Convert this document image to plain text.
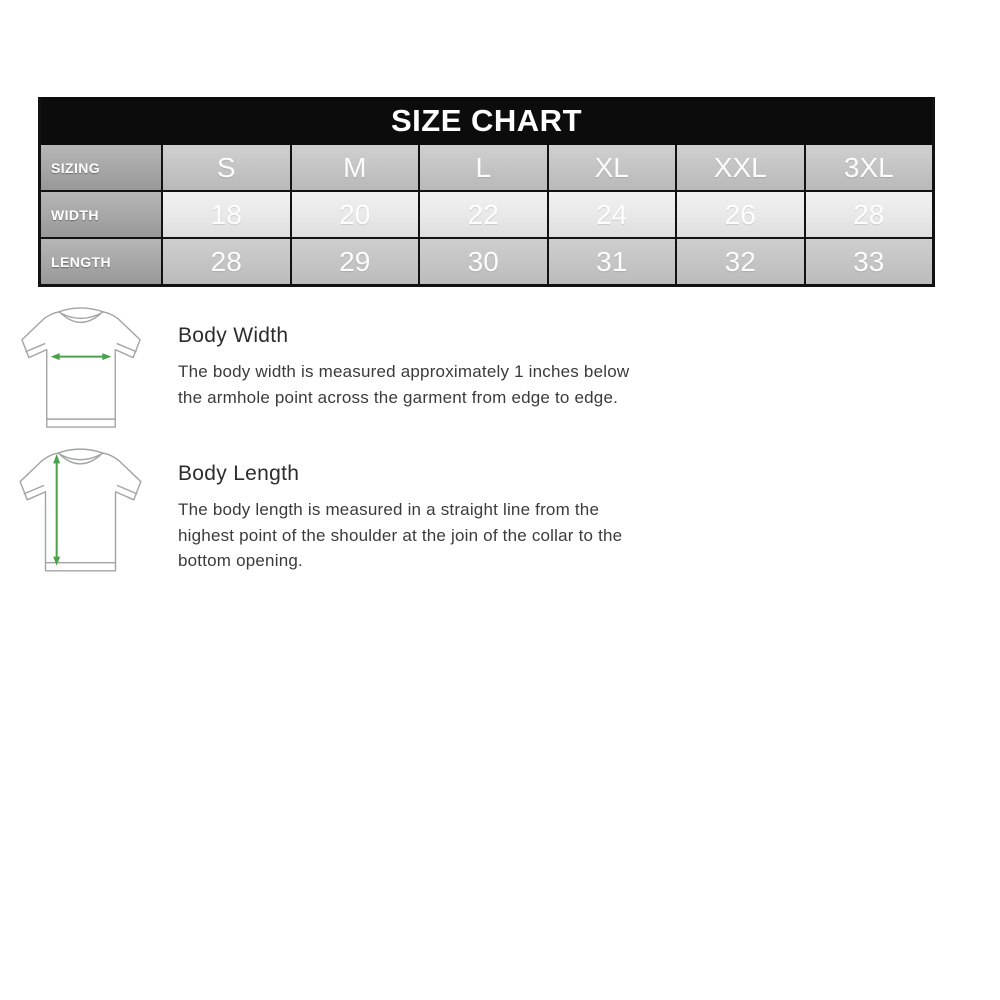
SIZE CHART
SIZING	S	M	L	XL	XXL	3XL
WIDTH	18	20	22	24	26	28
LENGTH	28	29	30	31	32	33
Body Width
The body width is measured approximately 1 inches below the armhole point across the garment from edge to edge.
Body Length
The body length is measured in a straight line from the highest point of the shoulder at the join of the collar to the bottom opening.
